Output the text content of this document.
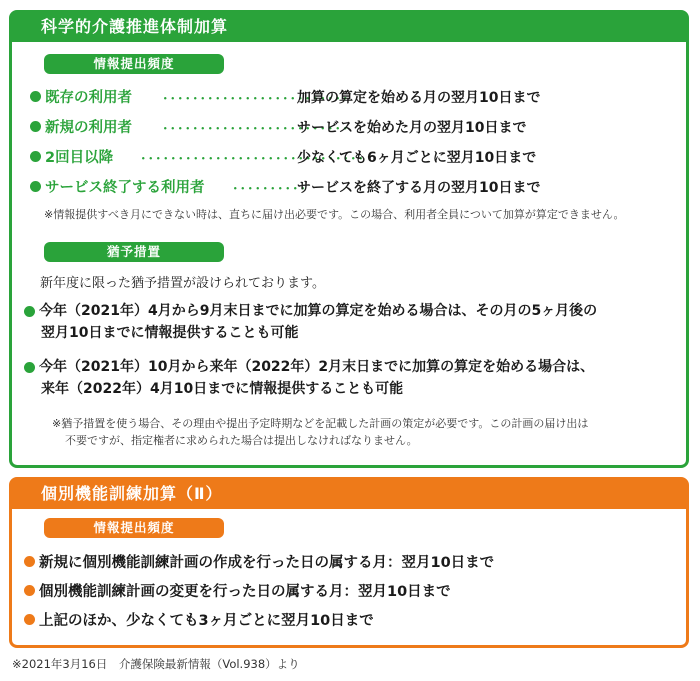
科学的介護推進体制加算
情報提出頻度
既存の利用者 ･････････････････････････
加算の算定を始める月の翌月10日まで
新規の利用者 ･････････････････････････
サービスを始めた月の翌月10日まで
2回目以降 ･･････････････････････････････
少なくても6ヶ月ごとに翌月10日まで
サービス終了する利用者 ･･････････
サービスを終了する月の翌月10日まで
※情報提供すべき月にできない時は、直ちに届け出必要です。この場合、利用者全員について加算が算定できません。
猶予措置
新年度に限った猶予措置が設けられております。
今年（2021年）4月から9月末日までに加算の算定を始める場合は、その月の5ヶ月後の
翌月10日までに情報提供することも可能
今年（2021年）10月から来年（2022年）2月末日までに加算の算定を始める場合は、
来年（2022年）4月10日までに情報提供することも可能
※猶予措置を使う場合、その理由や提出予定時期などを記載した計画の策定が必要です。この計画の届け出は
不要ですが、指定権者に求められた場合は提出しなければなりません。
個別機能訓練加算（Ⅱ）
情報提出頻度
新規に個別機能訓練計画の作成を行った日の属する月：翌月10日まで
個別機能訓練計画の変更を行った日の属する月：翌月10日まで
上記のほか、少なくても3ヶ月ごとに翌月10日まで
※2021年3月16日　介護保険最新情報（Vol.938）より
